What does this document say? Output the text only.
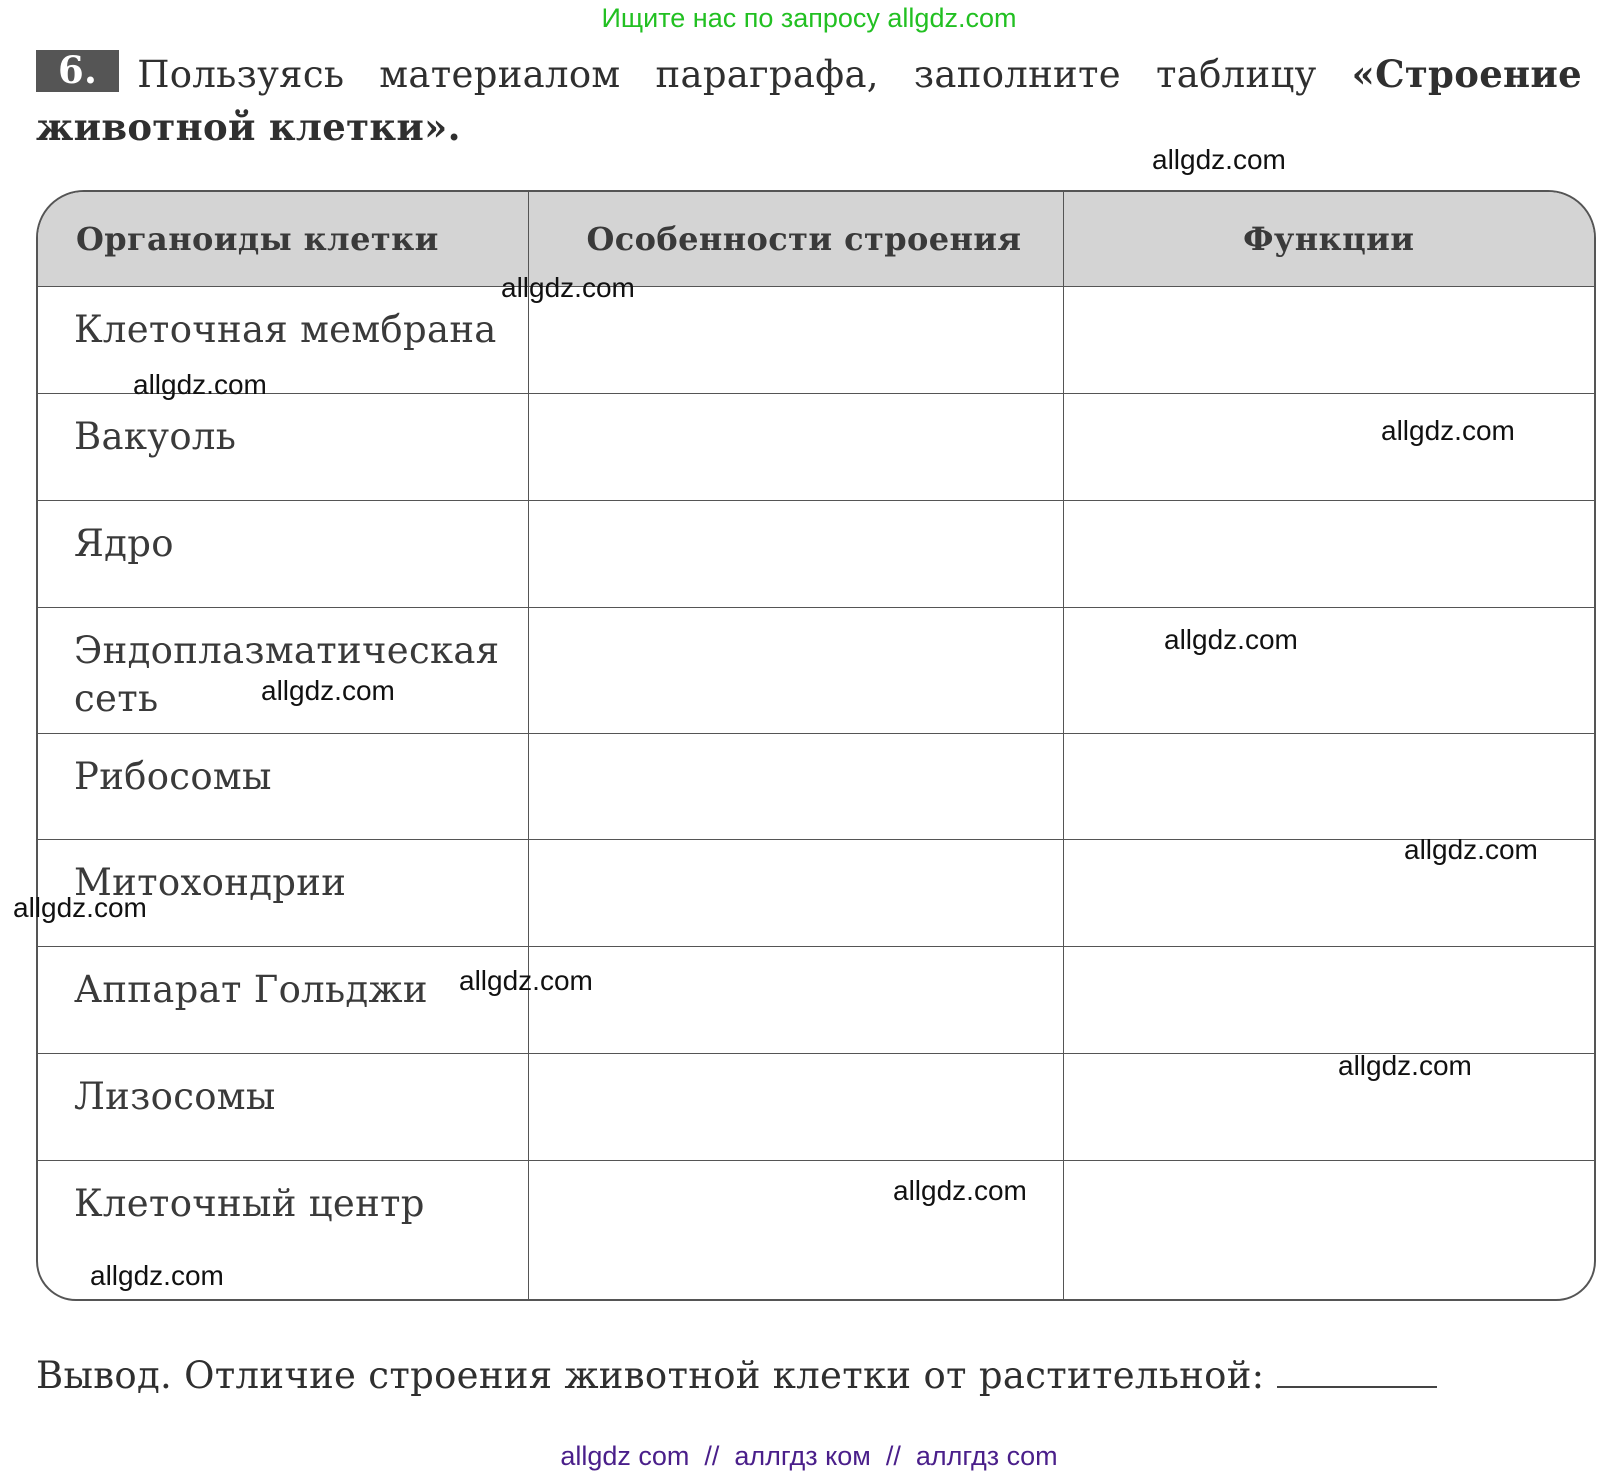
Ищите нас по запросу allgdz.com
6. Пользуясь материалом параграфа, заполните таблицу «Строение животной клетки».
Органоиды клетки	Особенности строения	Функции
Клеточная мембрана		
Вакуоль		
Ядро		
Эндоплазматическая сеть		
Рибосомы		
Митохондрии		
Аппарат Гольджи		
Лизосомы		
Клеточный центр		
Вывод. Отличие строения животной клетки от растительной:
allgdz.com
allgdz.com
allgdz.com
allgdz.com
allgdz.com
allgdz.com
allgdz.com
allgdz.com
allgdz.com
allgdz.com
allgdz.com
allgdz.com
allgdz com  //  аллгдз ком  //  аллгдз com
